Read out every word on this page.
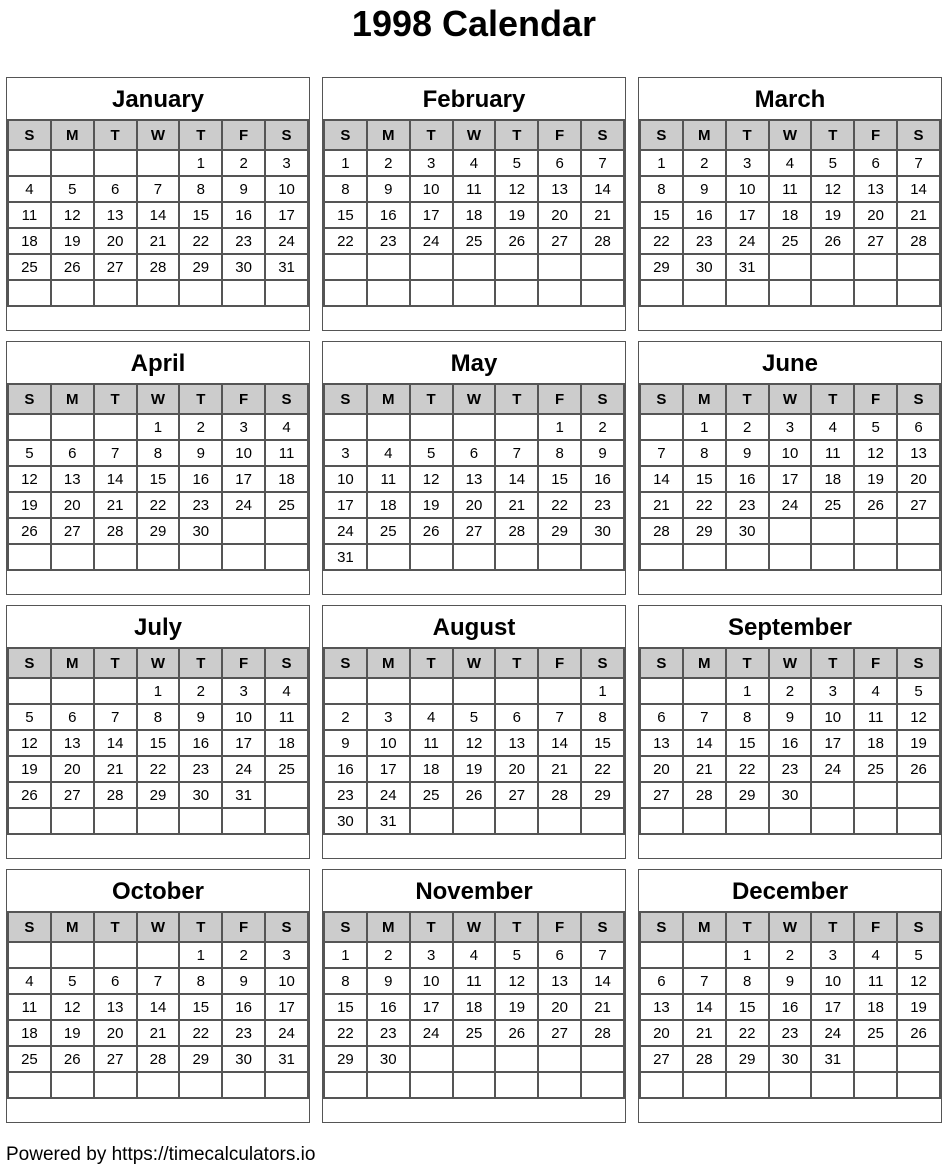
1998 Calendar
January
S	M	T	W	T	F	S
				1	2	3
4	5	6	7	8	9	10
11	12	13	14	15	16	17
18	19	20	21	22	23	24
25	26	27	28	29	30	31

February
S	M	T	W	T	F	S
1	2	3	4	5	6	7
8	9	10	11	12	13	14
15	16	17	18	19	20	21
22	23	24	25	26	27	28

March
S	M	T	W	T	F	S
1	2	3	4	5	6	7
8	9	10	11	12	13	14
15	16	17	18	19	20	21
22	23	24	25	26	27	28
29	30	31				

April
S	M	T	W	T	F	S
			1	2	3	4
5	6	7	8	9	10	11
12	13	14	15	16	17	18
19	20	21	22	23	24	25
26	27	28	29	30		

May
S	M	T	W	T	F	S
					1	2
3	4	5	6	7	8	9
10	11	12	13	14	15	16
17	18	19	20	21	22	23
24	25	26	27	28	29	30
31						
June
S	M	T	W	T	F	S
	1	2	3	4	5	6
7	8	9	10	11	12	13
14	15	16	17	18	19	20
21	22	23	24	25	26	27
28	29	30				

July
S	M	T	W	T	F	S
			1	2	3	4
5	6	7	8	9	10	11
12	13	14	15	16	17	18
19	20	21	22	23	24	25
26	27	28	29	30	31	

August
S	M	T	W	T	F	S
						1
2	3	4	5	6	7	8
9	10	11	12	13	14	15
16	17	18	19	20	21	22
23	24	25	26	27	28	29
30	31					
September
S	M	T	W	T	F	S
		1	2	3	4	5
6	7	8	9	10	11	12
13	14	15	16	17	18	19
20	21	22	23	24	25	26
27	28	29	30			

October
S	M	T	W	T	F	S
				1	2	3
4	5	6	7	8	9	10
11	12	13	14	15	16	17
18	19	20	21	22	23	24
25	26	27	28	29	30	31

November
S	M	T	W	T	F	S
1	2	3	4	5	6	7
8	9	10	11	12	13	14
15	16	17	18	19	20	21
22	23	24	25	26	27	28
29	30					

December
S	M	T	W	T	F	S
		1	2	3	4	5
6	7	8	9	10	11	12
13	14	15	16	17	18	19
20	21	22	23	24	25	26
27	28	29	30	31		

Powered by https://timecalculators.io
